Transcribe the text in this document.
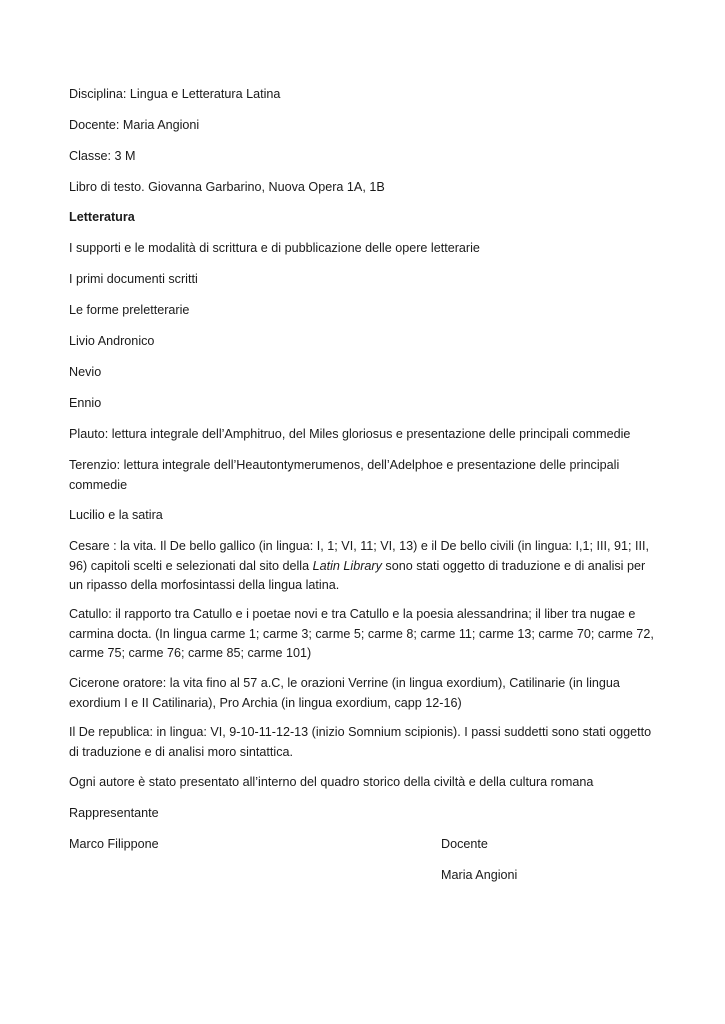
Disciplina: Lingua e Letteratura Latina

Docente: Maria Angioni

Classe: 3 M

Libro di testo. Giovanna Garbarino, Nuova Opera 1A, 1B

Letteratura

I supporti e le modalità di scrittura e di pubblicazione delle opere letterarie

I primi documenti scritti

Le forme preletterarie

Livio Andronico

Nevio

Ennio

Plauto: lettura integrale dell’Amphitruo, del Miles gloriosus e presentazione delle principali commedie

Terenzio: lettura integrale dell’Heautontymerumenos, dell’Adelphoe e presentazione delle principali commedie

Lucilio e la satira

Cesare : la vita. Il De bello gallico (in lingua: I, 1; VI, 11; VI, 13) e il De bello civili (in lingua: I,1; III, 91; III, 96) capitoli scelti e selezionati dal sito della Latin Library sono stati oggetto di traduzione e di analisi per un ripasso della morfosintassi della lingua latina.

Catullo: il rapporto tra Catullo e i poetae novi e tra Catullo e la poesia alessandrina; il liber tra nugae e carmina docta. (In lingua carme 1; carme 3; carme 5; carme 8; carme 11; carme 13; carme 70; carme 72, carme 75; carme 76; carme 85; carme 101)

Cicerone oratore: la vita fino al 57 a.C, le orazioni Verrine (in lingua exordium), Catilinarie (in lingua exordium I e II Catilinaria), Pro Archia (in lingua exordium, capp 12-16)

Il De republica: in lingua: VI, 9-10-11-12-13 (inizio Somnium scipionis). I passi suddetti sono stati oggetto di traduzione e di analisi moro sintattica.

Ogni autore è stato presentato all’interno del quadro storico della civiltà e della cultura romana

Rappresentante

Marco Filippone	Docente

Maria Angioni
